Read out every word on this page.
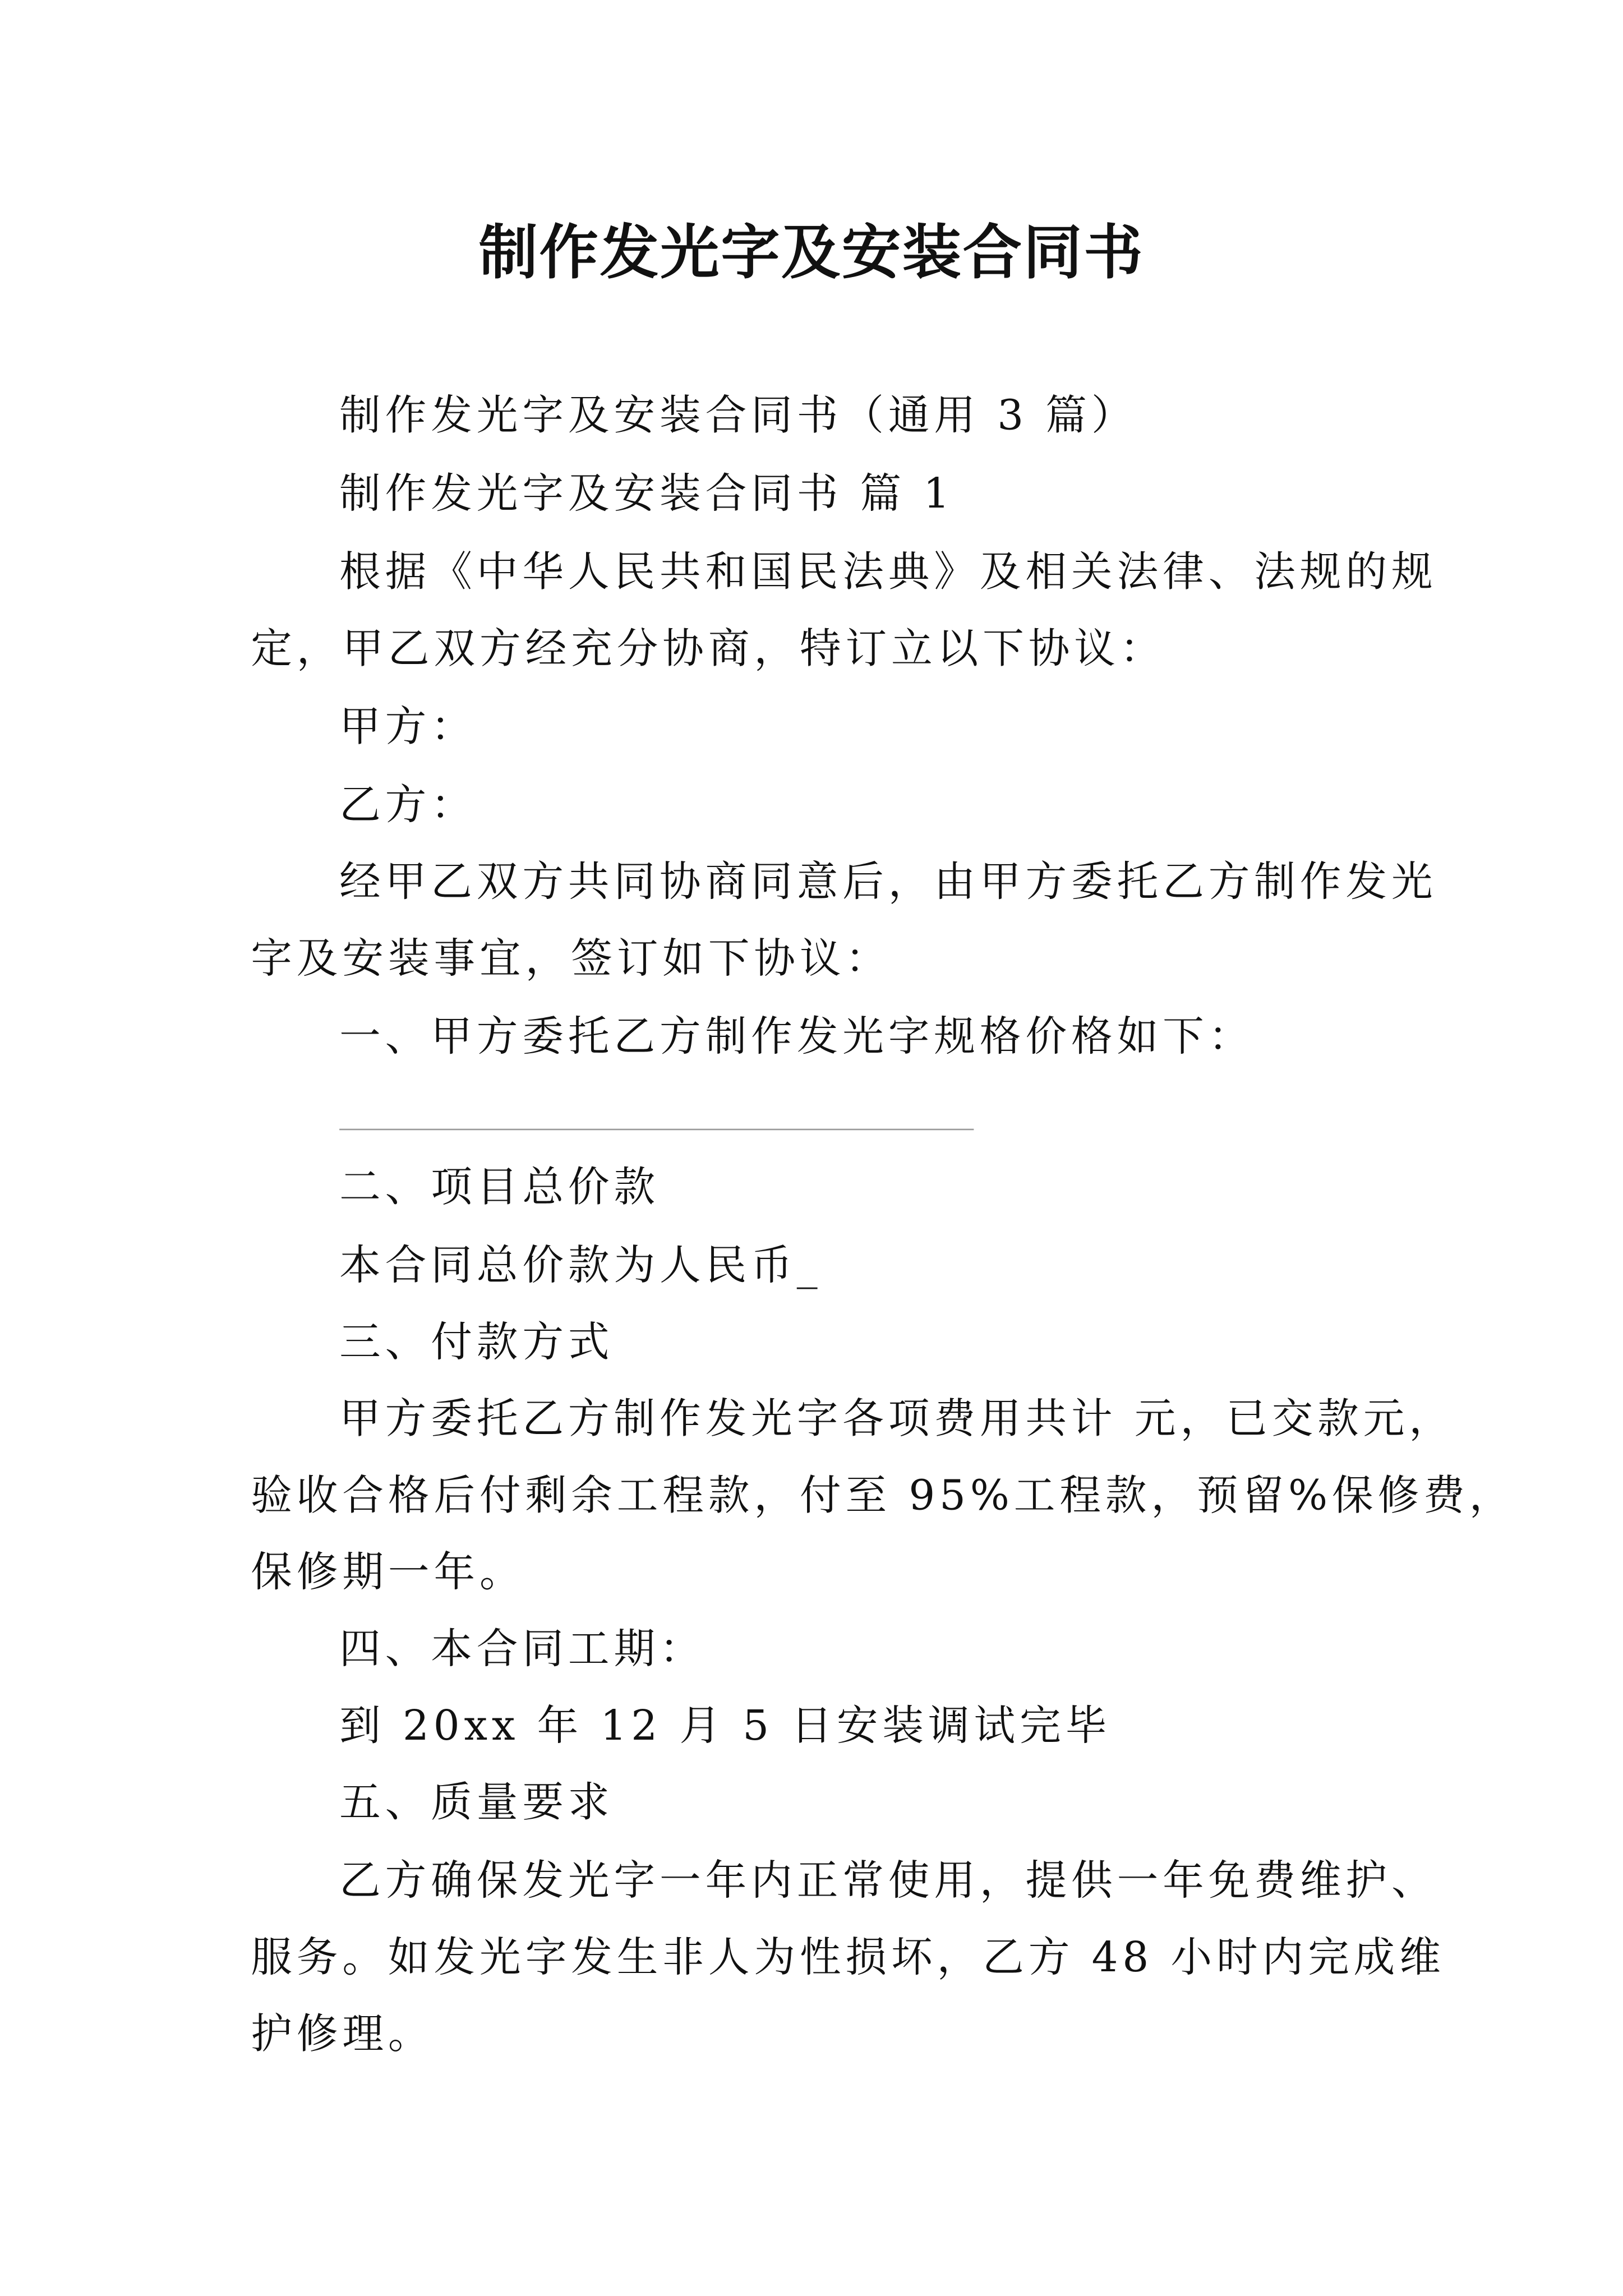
制作发光字及安装合同书
制作发光字及安装合同书（通用 3 篇）
制作发光字及安装合同书 篇 1
根据《中华人民共和国民法典》及相关法律、法规的规
定，甲乙双方经充分协商，特订立以下协议：
甲方：
乙方：
经甲乙双方共同协商同意后，由甲方委托乙方制作发光
字及安装事宜，签订如下协议：
一、甲方委托乙方制作发光字规格价格如下：
二、项目总价款
本合同总价款为人民币_
三、付款方式
甲方委托乙方制作发光字各项费用共计 元，已交款元，
验收合格后付剩余工程款，付至 95%工程款，预留%保修费，
保修期一年。
四、本合同工期：
到 20xx 年 12 月 5 日安装调试完毕
五、质量要求
乙方确保发光字一年内正常使用，提供一年免费维护、
服务。如发光字发生非人为性损坏，乙方 48 小时内完成维
护修理。
